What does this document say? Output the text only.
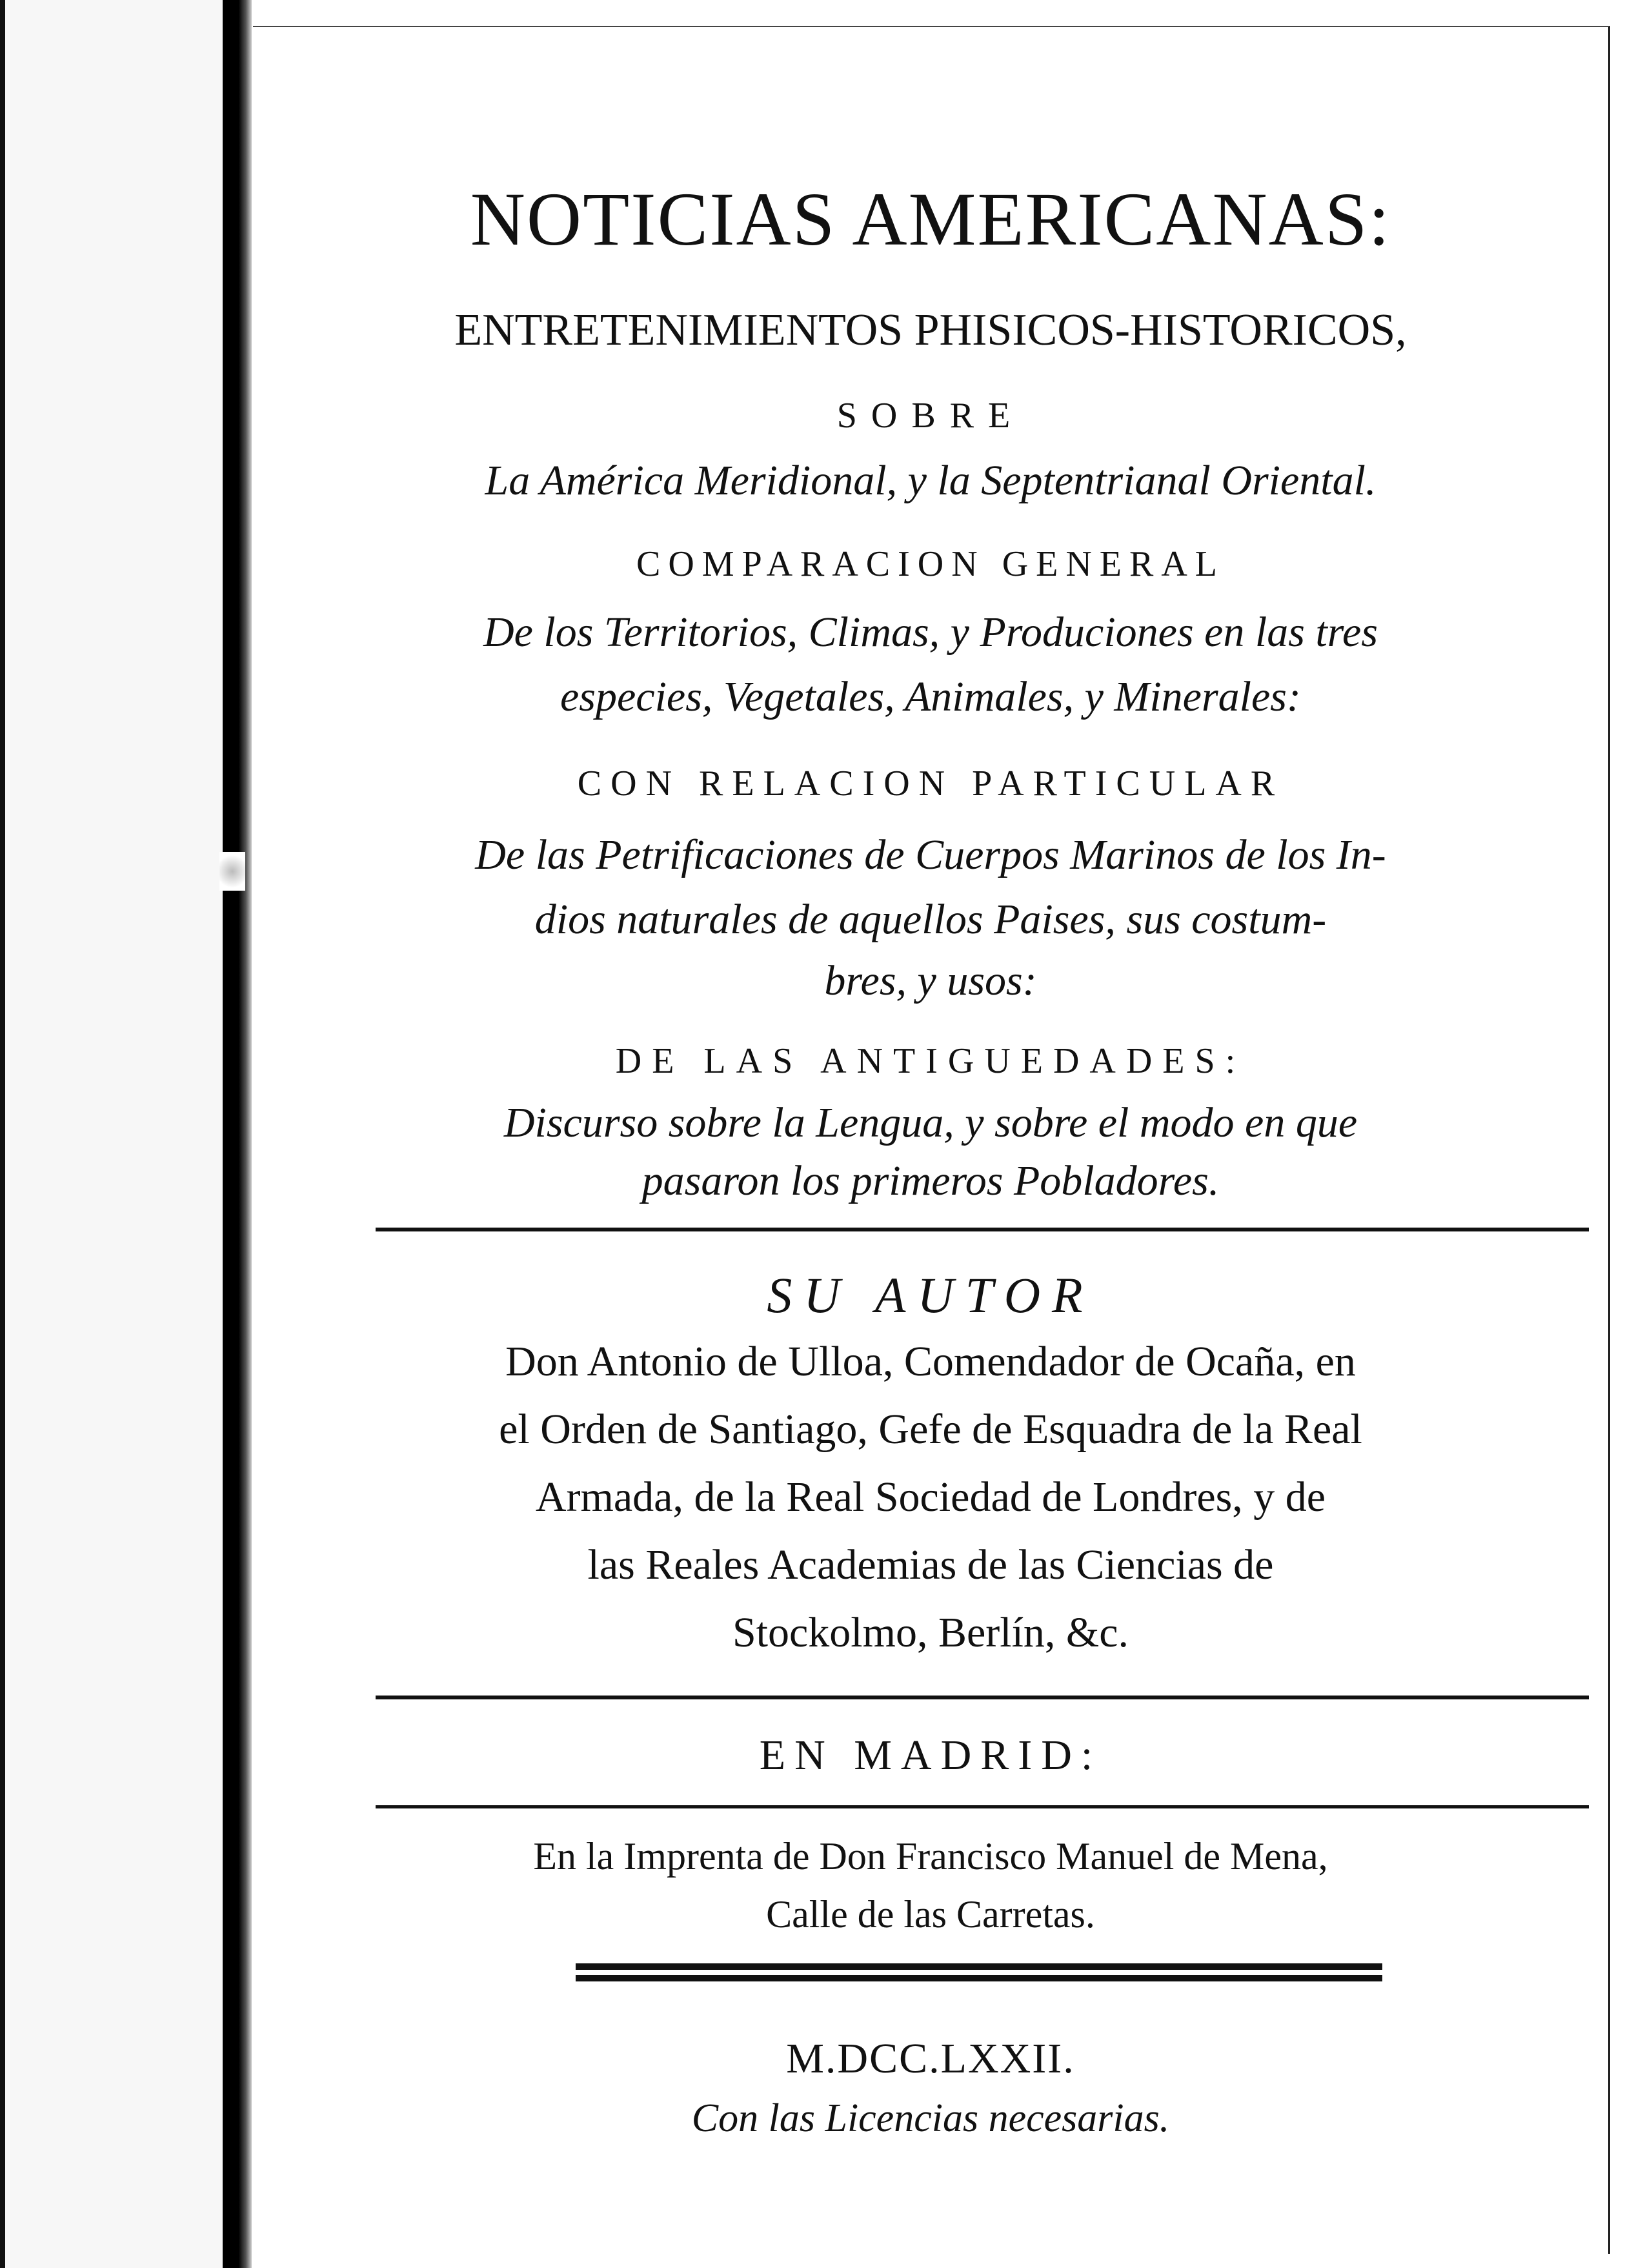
NOTICIAS AMERICANAS:
ENTRETENIMIENTOS PHISICOS-HISTORICOS,
SOBRE
La América Meridional, y la Septentrianal Oriental.
COMPARACION GENERAL
De los Territorios, Climas, y Produciones en las tres
especies, Vegetales, Animales, y Minerales:
CON RELACION PARTICULAR
De las Petrificaciones de Cuerpos Marinos de los In-
dios naturales de aquellos Paises, sus costum-
bres, y usos:
DE LAS ANTIGUEDADES:
Discurso sobre la Lengua, y sobre el modo en que
pasaron los primeros Pobladores.
SU AUTOR
Don Antonio de Ulloa, Comendador de Ocaña, en
el Orden de Santiago, Gefe de Esquadra de la Real
Armada, de la Real Sociedad de Londres, y de
las Reales Academias de las Ciencias de
Stockolmo, Berlín, &c.
EN MADRID:
En la Imprenta de Don Francisco Manuel de Mena,
Calle de las Carretas.
M.DCC.LXXII.
Con las Licencias necesarias.
